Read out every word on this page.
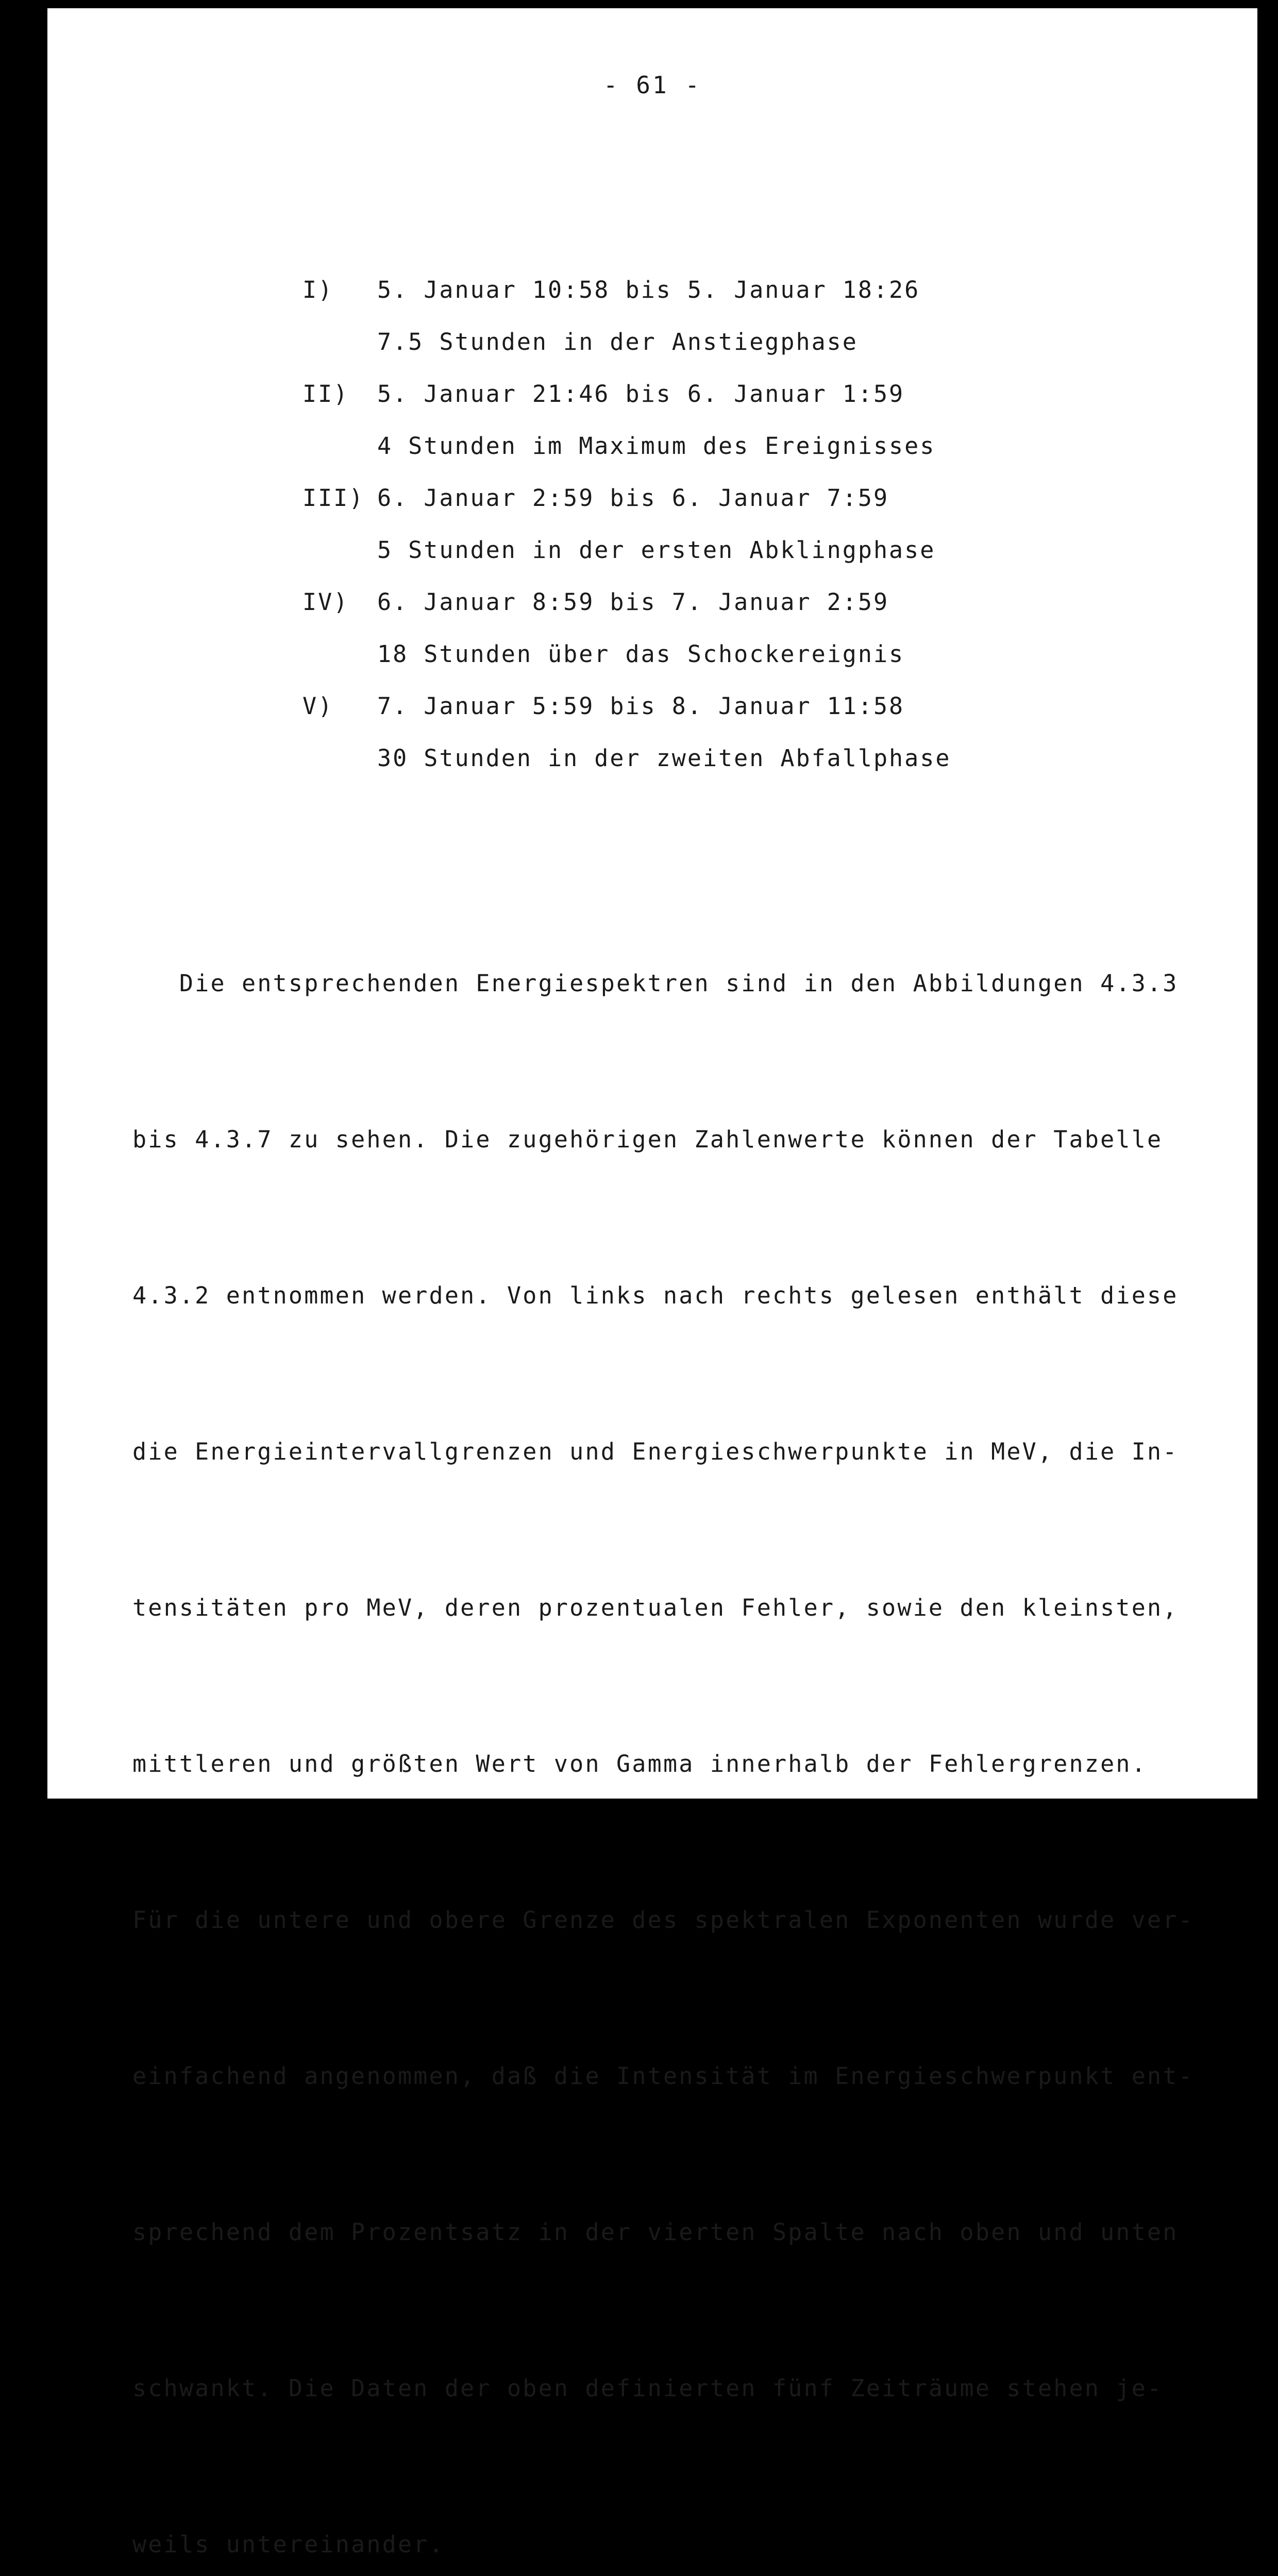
- 61 -
I)	5. Januar 10:58 bis 5. Januar 18:26
7.5 Stunden in der Anstiegphase
II)	5. Januar 21:46 bis 6. Januar 1:59
4 Stunden im Maximum des Ereignisses
III) 6. Januar 2:59 bis 6. Januar 7:59
5 Stunden in der ersten Abklingphase
IV)	6. Januar 8:59 bis 7. Januar 2:59
18 Stunden über das Schockereignis
V)	7. Januar 5:59 bis 8. Januar 11:58
30 Stunden in der zweiten Abfallphase

Die entsprechenden Energiespektren sind in den Abbildungen 4.3.3

bis 4.3.7 zu sehen. Die zugehörigen Zahlenwerte können der Tabelle

4.3.2 entnommen werden. Von links nach rechts gelesen enthält diese

die Energieintervallgrenzen und Energieschwerpunkte in MeV, die In-

tensitäten pro MeV, deren prozentualen Fehler, sowie den kleinsten,

mittleren und größten Wert von Gamma innerhalb der Fehlergrenzen.

Für die untere und obere Grenze des spektralen Exponenten wurde ver-

einfachend angenommen, daß die Intensität im Energieschwerpunkt ent-

sprechend dem Prozentsatz in der vierten Spalte nach oben und unten

schwankt. Die Daten der oben definierten fünf Zeiträume stehen je-

weils untereinander.
